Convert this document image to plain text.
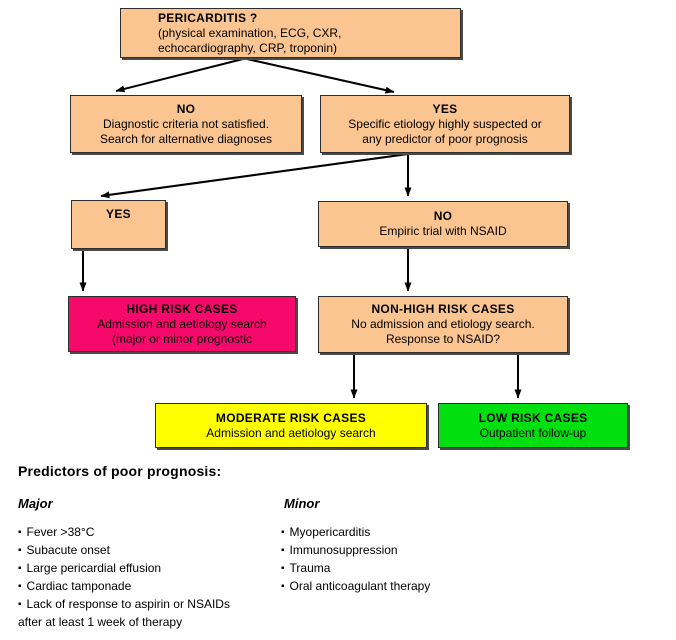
PERICARDITIS ?
(physical examination, ECG, CXR,
echocardiography, CRP, troponin)
NO
Diagnostic criteria not satisfied.
Search for alternative diagnoses
YES
Specific etiology highly suspected or
any predictor of poor prognosis
YES	NO
Empiric trial with NSAID
HIGH RISK CASES
Admission and aetiology search
(major or minor prognostic
NON-HIGH RISK CASES
No admission and etiology search.
Response to NSAID?
MODERATE RISK CASES
Admission and aetiology search
LOW RISK CASES
Outpatient follow-up
Predictors of poor prognosis:
Major	Minor
▪ Fever >38°C
▪ Subacute onset
▪ Large pericardial effusion
▪ Cardiac tamponade
▪ Lack of response to aspirin or NSAIDs
after at least 1 week of therapy
▪ Myopericarditis
▪ Immunosuppression
▪ Trauma
▪ Oral anticoagulant therapy
